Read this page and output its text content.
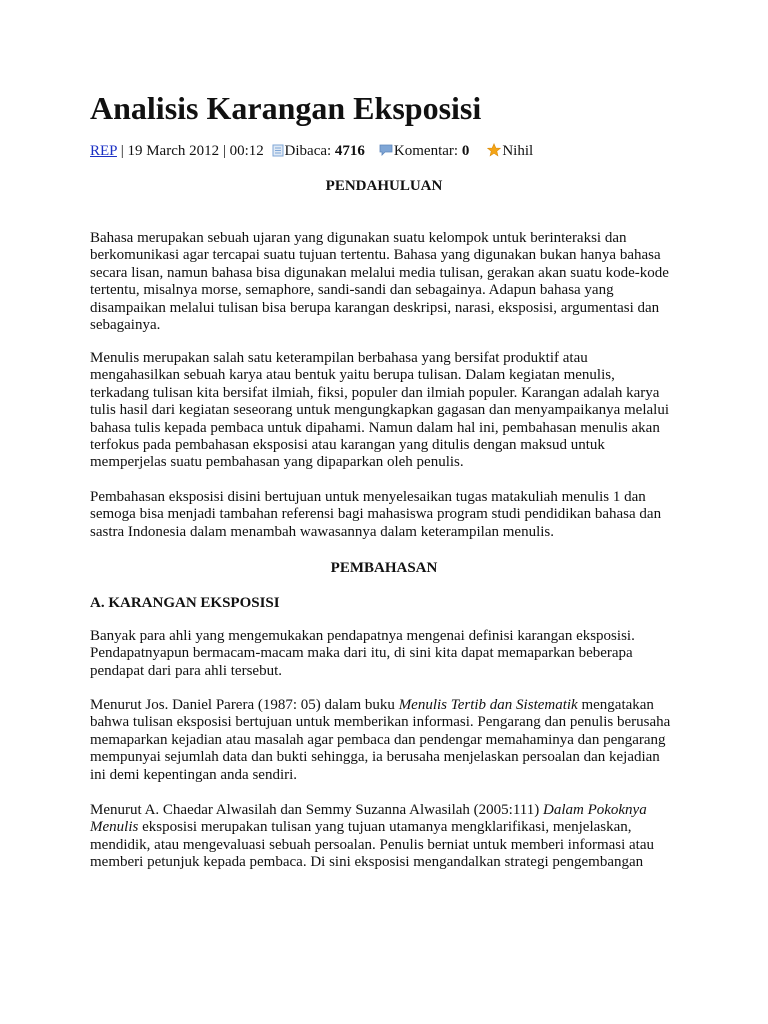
Analisis Karangan Eksposisi
REP | 19 March 2012 | 00:12 Dibaca: 4716 Komentar: 0 Nihil
PENDAHULUAN

Bahasa merupakan sebuah ujaran yang digunakan suatu kelompok untuk berinteraksi dan
berkomunikasi agar tercapai suatu tujuan tertentu. Bahasa yang digunakan bukan hanya bahasa
secara lisan, namun bahasa bisa digunakan melalui media tulisan, gerakan akan suatu kode-kode
tertentu, misalnya morse, semaphore, sandi-sandi dan sebagainya. Adapun bahasa yang
disampaikan melalui tulisan bisa berupa karangan deskripsi, narasi, eksposisi, argumentasi dan
sebagainya.

Menulis merupakan salah satu keterampilan berbahasa yang bersifat produktif atau
mengahasilkan sebuah karya atau bentuk yaitu berupa tulisan. Dalam kegiatan menulis,
terkadang tulisan kita bersifat ilmiah, fiksi, populer dan ilmiah populer. Karangan adalah karya
tulis hasil dari kegiatan seseorang untuk mengungkapkan gagasan dan menyampaikanya melalui
bahasa tulis kepada pembaca untuk dipahami. Namun dalam hal ini, pembahasan menulis akan
terfokus pada pembahasan eksposisi atau karangan yang ditulis dengan maksud untuk
memperjelas suatu pembahasan yang dipaparkan oleh penulis.

Pembahasan eksposisi disini bertujuan untuk menyelesaikan tugas matakuliah menulis 1 dan
semoga bisa menjadi tambahan referensi bagi mahasiswa program studi pendidikan bahasa dan
sastra Indonesia dalam menambah wawasannya dalam keterampilan menulis.

PEMBAHASAN
A. KARANGAN EKSPOSISI

Banyak para ahli yang mengemukakan pendapatnya mengenai definisi karangan eksposisi.
Pendapatnyapun bermacam-macam maka dari itu, di sini kita dapat memaparkan beberapa
pendapat dari para ahli tersebut.

Menurut Jos. Daniel Parera (1987: 05) dalam buku Menulis Tertib dan Sistematik mengatakan
bahwa tulisan eksposisi bertujuan untuk memberikan informasi. Pengarang dan penulis berusaha
memaparkan kejadian atau masalah agar pembaca dan pendengar memahaminya dan pengarang
mempunyai sejumlah data dan bukti sehingga, ia berusaha menjelaskan persoalan dan kejadian
ini demi kepentingan anda sendiri.

Menurut A. Chaedar Alwasilah dan Semmy Suzanna Alwasilah (2005:111) Dalam Pokoknya
Menulis eksposisi merupakan tulisan yang tujuan utamanya mengklarifikasi, menjelaskan,
mendidik, atau mengevaluasi sebuah persoalan. Penulis berniat untuk memberi informasi atau
memberi petunjuk kepada pembaca. Di sini eksposisi mengandalkan strategi pengembangan
